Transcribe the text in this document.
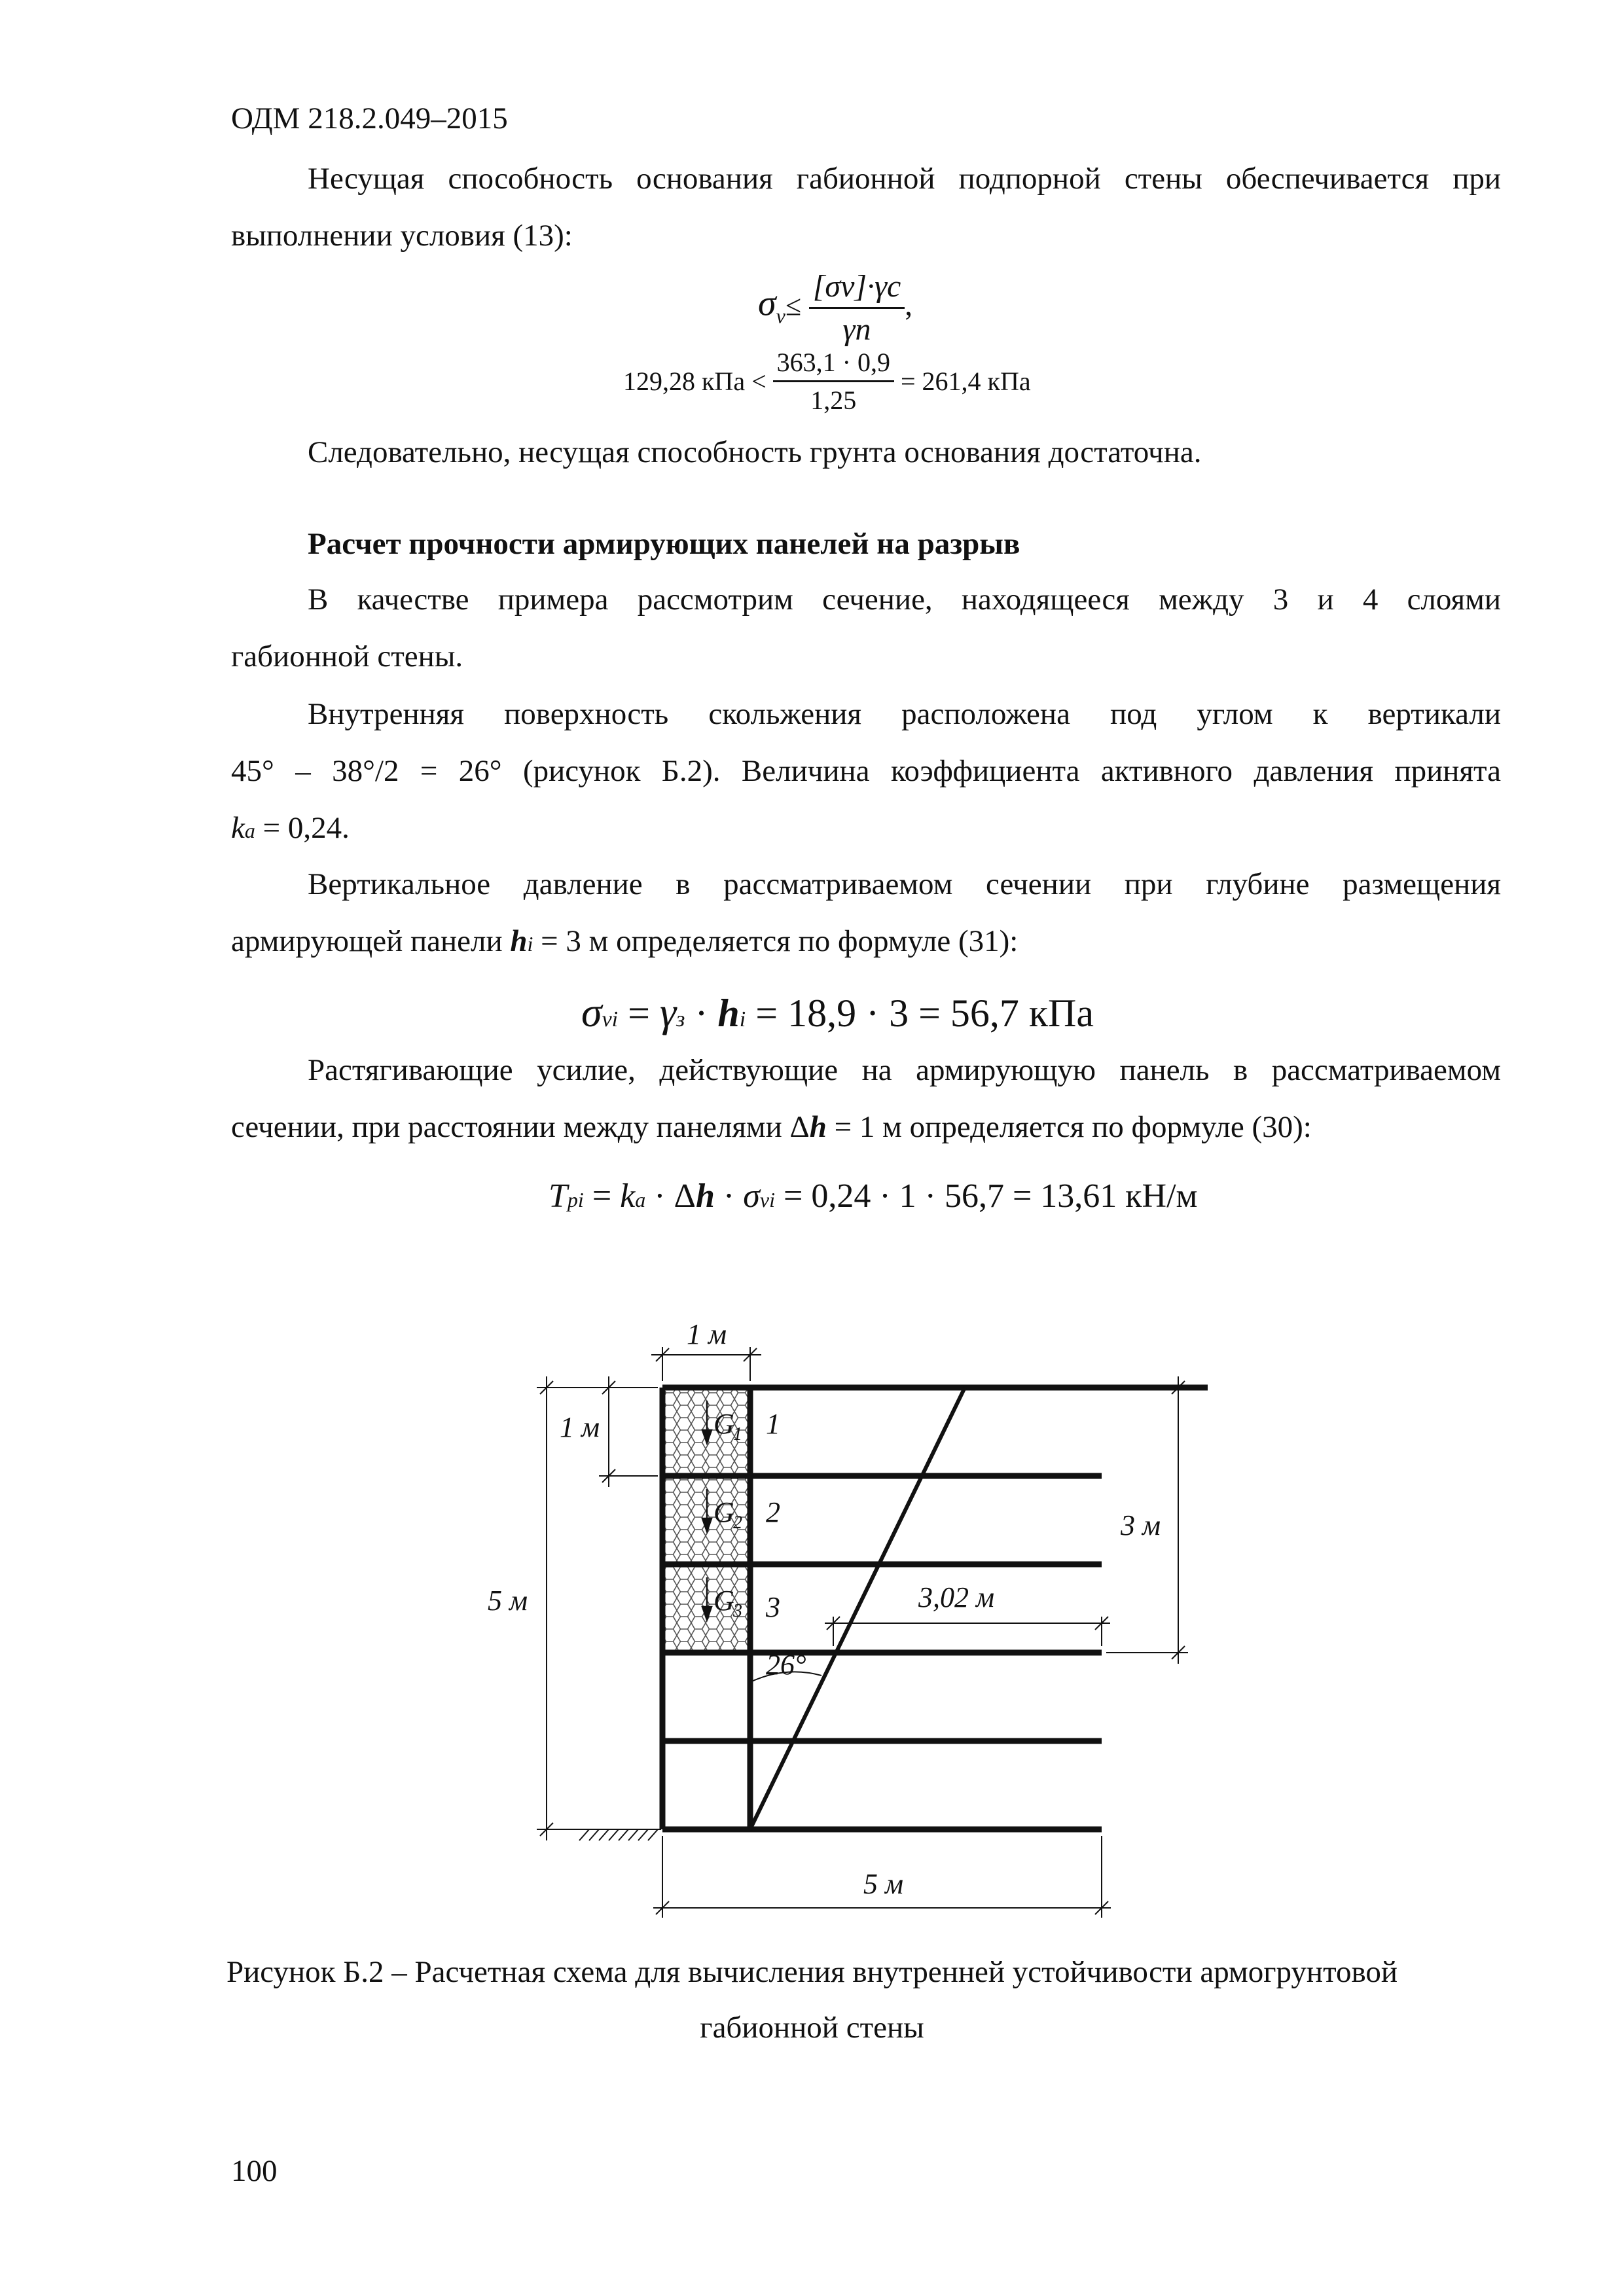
ОДМ 218.2.049–2015
Несущая способность основания габионной подпорной стены обеспечивается при
выполнении условия (13):
$\sigma_v\le \frac{[\sigma v]\cdot\gamma c}{\gamma n}$ ,
129,28 кПа < $\frac{363,1 \cdot 0,9}{1,25} = 261,4$ кПа
Следовательно, несущая способность грунта основания достаточна.
Расчет прочности армирующих панелей на разрыв
В качестве примера рассмотрим сечение, находящееся между 3 и 4 слоями
габионной стены.
Внутренняя поверхность скольжения расположена под углом к вертикали
45° – 38°/2 = 26° (рисунок Б.2). Величина коэффициента активного давления принята
ka = 0,24.
Вертикальное давление в рассматриваемом сечении при глубине размещения
армирующей панели hi = 3 м определяется по формуле (31):
σvi = γз · hi = 18,9 · 3 = 56,7 кПа
Растягивающие усилие, действующие на армирующую панель в рассматриваемом
сечении, при расстоянии между панелями Δh = 1 м определяется по формуле (30):
Tpi = ka · Δh · σvi = 0,24 · 1 · 56,7 = 13,61 кН/м
1 м
1 м
5 м
3 м
3,02 м
26°
5 м
G
1
G
2
G
3
1
2
3
Рисунок Б.2 – Расчетная схема для вычисления внутренней устойчивости армогрунтовой
габионной стены
100
